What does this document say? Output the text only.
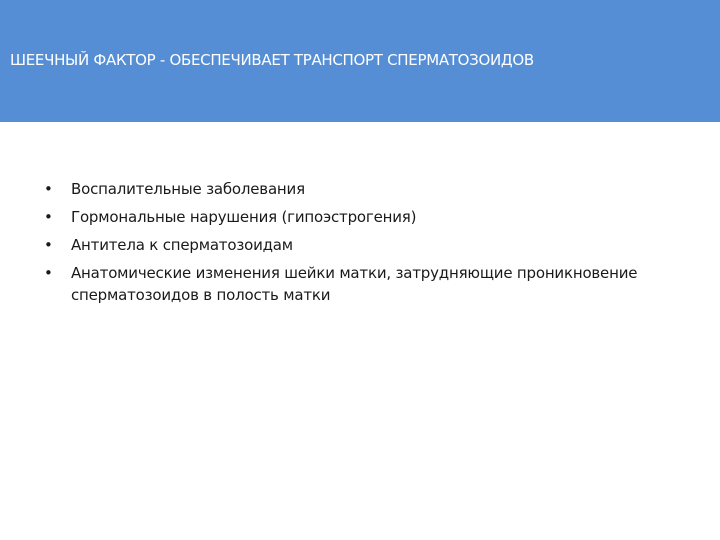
ШЕЕЧНЫЙ ФАКТОР - ОБЕСПЕЧИВАЕТ ТРАНСПОРТ СПЕРМАТОЗОИДОВ
• Воспалительные заболевания
• Гормональные нарушения (гипоэстрогения)
• Антитела к сперматозоидам
• Анатомические изменения шейки матки, затрудняющие проникновение сперматозоидов в полость матки
